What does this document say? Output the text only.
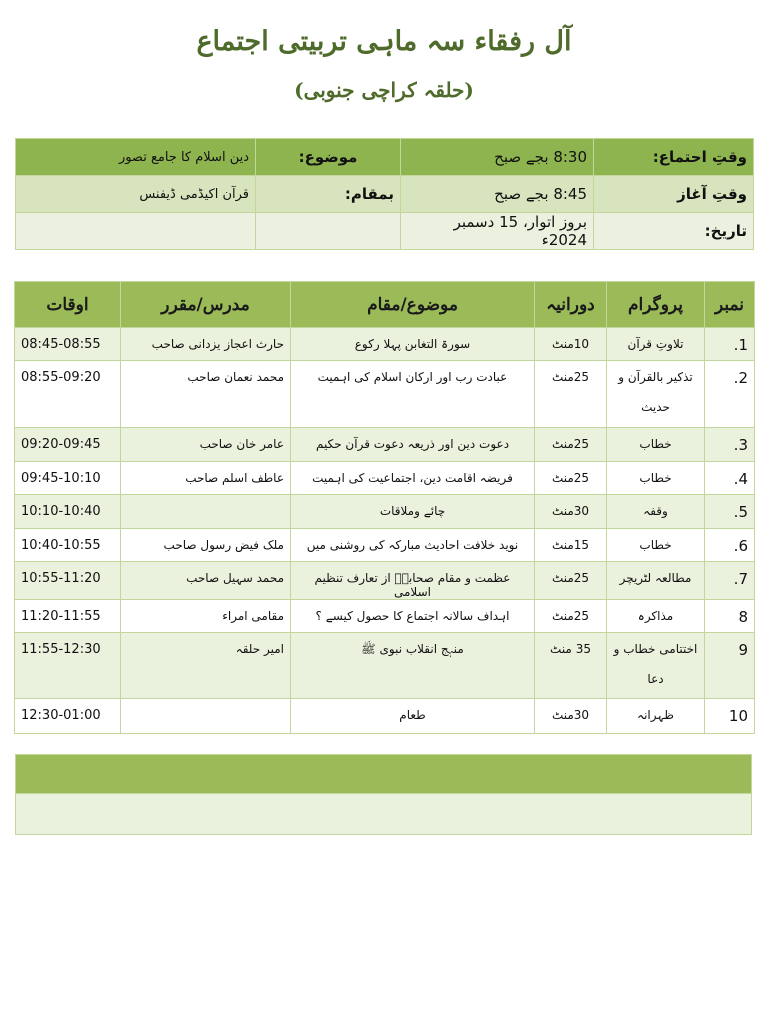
آل رفقاء سہ ماہی تربیتی اجتماع
(حلقہ کراچی جنوبی)
وقتِ احتماع:	8:30 بجے صبح	موضوع:	دین اسلام کا جامع تصور
وقتِ آغاز	8:45 بجے صبح	بمقام:	قرآن اکیڈمی ڈیفنس
تاریخ:	بروز اتوار، 15 دسمبر 2024ء		
نمبر	پروگرام	دورانیہ	موضوع/مقام	مدرس/مقرر	اوقات
1.	تلاوتِ قرآن	10منٹ	سورۃ التغابن پہلا رکوع	حارث اعجاز یزدانی صاحب	08:45-08:55
2.	تذکیر بالقرآن و حدیث	25منٹ	عبادت رب اور ارکان اسلام کی اہمیت	محمد نعمان صاحب	08:55-09:20
3.	خطاب	25منٹ	دعوت دین اور ذریعہ دعوت قرآن حکیم	عامر خان صاحب	09:20-09:45
4.	خطاب	25منٹ	فریضہ اقامت دین، اجتماعیت کی اہمیت	عاطف اسلم صاحب	09:45-10:10
5.	وقفہ	30منٹ	چائے وملاقات		10:10-10:40
6.	خطاب	15منٹ	نوید خلافت احادیث مبارکہ کی روشنی میں	ملک فیض رسول صاحب	10:40-10:55
7.	مطالعہ لٹریچر	25منٹ	عظمت و مقام صحابہؓ از تعارف تنظیم اسلامی	محمد سہیل صاحب	10:55-11:20
8	مذاکرہ	25منٹ	اہداف سالانہ اجتماع کا حصول کیسے ؟	مقامی امراء	11:20-11:55
9	اختتامی خطاب و دعا	35 منٹ	منہج انقلاب نبوی ﷺ	امیر حلقہ	11:55-12:30
10	ظہرانہ	30منٹ	طعام		12:30-01:00
